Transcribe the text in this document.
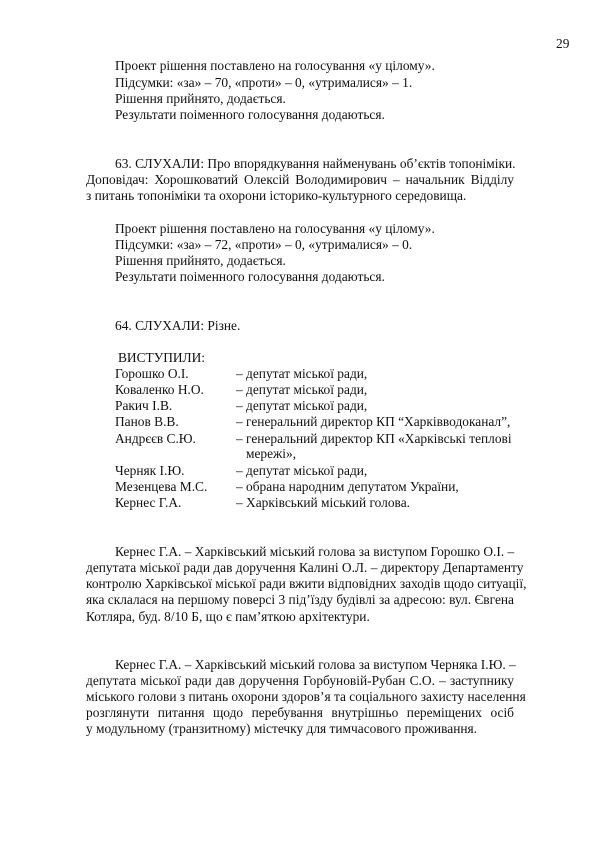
29
Проект рішення поставлено на голосування «у цілому».
Підсумки: «за» – 70, «проти» – 0, «утрималися» – 1.
Рішення прийнято, додається.
Результати поіменного голосування додаються.
63. СЛУХАЛИ: Про впорядкування найменувань об’єктів топоніміки.
Доповідач: Хорошковатий Олексій Володимирович – начальник Відділу
з питань топоніміки та охорони історико-культурного середовища.
Проект рішення поставлено на голосування «у цілому».
Підсумки: «за» – 72, «проти» – 0, «утрималися» – 0.
Рішення прийнято, додається.
Результати поіменного голосування додаються.
64. СЛУХАЛИ: Різне.
ВИСТУПИЛИ:
Горошко О.І.	– депутат міської ради,
Коваленко Н.О. – депутат міської ради,
Ракич І.В.	– депутат міської ради,
Панов В.В.	– генеральний директор КП “Харківводоканал”,
Андрєєв С.Ю.	– генеральний директор КП «Харківські теплові
мережі»,
Черняк І.Ю.	– депутат міської ради,
Мезенцева М.С. – обрана народним депутатом України,
Кернес Г.А.	– Харківський міський голова.
Кернес Г.А. – Харківський міський голова за виступом Горошко О.І. –
депутата міської ради дав доручення Калині О.Л. – директору Департаменту
контролю Харківської міської ради вжити відповідних заходів щодо ситуації,
яка склалася на першому поверсі 3 під’їзду будівлі за адресою: вул. Євгена
Котляра, буд. 8/10 Б, що є пам’яткою архітектури.
Кернес Г.А. – Харківський міський голова за виступом Черняка І.Ю. –
депутата міської ради дав доручення Горбуновій-Рубан С.О. – заступнику
міського голови з питань охорони здоров’я та соціального захисту населення
розглянути питання щодо перебування внутрішньо переміщених осіб
у модульному (транзитному) містечку для тимчасового проживання.
